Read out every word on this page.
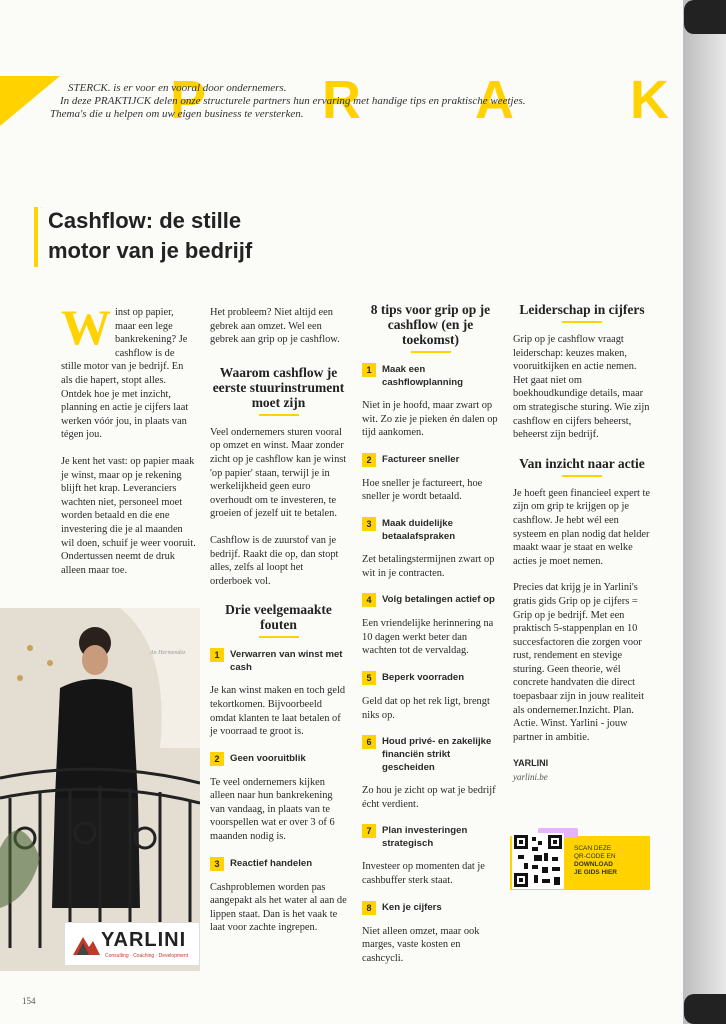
P R A K
STERCK. is er voor en vooral door ondernemers.
In deze PRAKTIJCK delen onze structurele partners hun ervaring met handige tips en praktische weetjes.
Thema's die u helpen om uw eigen business te versterken.
Cashflow: de stille
motor van je bedrijf

Winst op papier, maar een lege bankrekening? Je cashflow is de stille motor van je bedrijf. En als die hapert, stopt alles. Ontdek hoe je met inzicht, planning en actie je cijfers laat werken vóór jou, in plaats van tégen jou.

Je kent het vast: op papier maak je winst, maar op je rekening blijft het krap. Leveranciers wachten niet, personeel moet worden betaald en die ene investering die je al maanden wil doen, schuif je weer vooruit. Ondertussen neemt de druk alleen maar toe.

An Hermendez
YARLINI
Consulting · Coaching · Development

Het probleem? Niet altijd een gebrek aan omzet. Wel een gebrek aan grip op je cashflow.

Waarom cashflow je eerste stuurinstrument moet zijn

Veel ondernemers sturen vooral op omzet en winst. Maar zonder zicht op je cashflow kan je winst 'op papier' staan, terwijl je in werkelijkheid geen euro overhoudt om te investeren, te groeien of jezelf uit te betalen.

Cashflow is de zuurstof van je bedrijf. Raakt die op, dan stopt alles, zelfs al loopt het orderboek vol.

Drie veelgemaakte fouten
1	Verwarren van winst met cash

Je kan winst maken en toch geld tekortkomen. Bijvoorbeeld omdat klanten te laat betalen of je voorraad te groot is.

2	Geen vooruitblik

Te veel ondernemers kijken alleen naar hun bankrekening van vandaag, in plaats van te voorspellen wat er over 3 of 6 maanden nodig is.

3	Reactief handelen

Cashproblemen worden pas aangepakt als het water al aan de lippen staat. Dan is het vaak te laat voor zachte ingrepen.

8 tips voor grip op je cashflow (en je toekomst)
1	Maak een cashflowplanning

Niet in je hoofd, maar zwart op wit. Zo zie je pieken én dalen op tijd aankomen.

2	Factureer sneller

Hoe sneller je factureert, hoe sneller je wordt betaald.

3	Maak duidelijke betaalafspraken

Zet betalingstermijnen zwart op wit in je contracten.

4	Volg betalingen actief op

Een vriendelijke herinnering na 10 dagen werkt beter dan wachten tot de vervaldag.

5	Beperk voorraden

Geld dat op het rek ligt, brengt niks op.

6	Houd privé- en zakelijke financiën strikt gescheiden

Zo hou je zicht op wat je bedrijf écht verdient.

7	Plan investeringen strategisch

Investeer op momenten dat je cashbuffer sterk staat.

8	Ken je cijfers

Niet alleen omzet, maar ook marges, vaste kosten en cashcycli.

Leiderschap in cijfers

Grip op je cashflow vraagt leiderschap: keuzes maken, vooruitkijken en actie nemen. Het gaat niet om boekhoudkundige details, maar om strategische sturing. Wie zijn cashflow en cijfers beheerst, beheerst zijn bedrijf.

Van inzicht naar actie

Je hoeft geen financieel expert te zijn om grip te krijgen op je cashflow. Je hebt wél een systeem en plan nodig dat helder maakt waar je staat en welke acties je moet nemen.

Precies dat krijg je in Yarlini's gratis gids Grip op je cijfers = Grip op je bedrijf. Met een praktisch 5-stappenplan en 10 succesfactoren die zorgen voor rust, rendement en stevige sturing. Geen theorie, wél concrete handvaten die direct toepasbaar zijn in jouw realiteit als ondernemer.Inzicht. Plan. Actie. Winst. Yarlini - jouw partner in ambitie.

YARLINI
yarlini.be
SCAN DEZE
QR-CODE EN
DOWNLOAD
JE GIDS HIER
154
